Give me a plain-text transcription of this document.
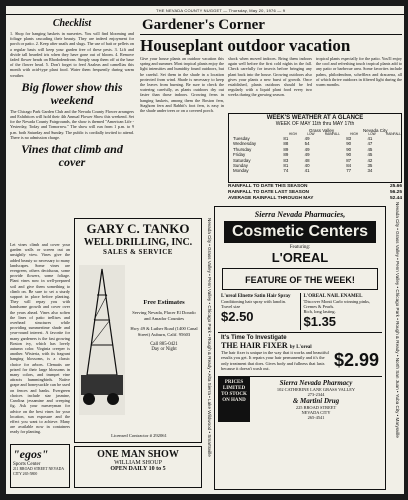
THE NEVADA COUNTY NUGGET — Thursday, May 20, 1976 — 9
Checklist
1. Shop for hanging baskets in nurseries. You will find blooming and foliage plants cascading their beauty. They are indeed enjoyment for porch or patio. 2. Keep after snails and slugs. The use of bait or pellets on a regular basis will keep your garden free of these pests. 3. Lift and divide tall bearded iris when they have gone out of bloom. 4. Remove faded flower heads on Rhododendrons. Simply snap them off at the base of the flower head. 5. Don't forget to feed Azaleas and camellias this month with acid-type plant food. Water them frequently during warm weather.
Big flower show this weekend
The Chicago Park Garden Club and the Nevada County Flower arrangers and Exhibitors will hold their 4th Annual Flower Show this weekend. Set for the Nevada County Fairgrounds, the show is themed "American Life - Yesterday, Today and Tomorrow." The show will run from 1 p.m. to 9 p.m. both Saturday and Sunday. The public is cordially invited to attend. There is no admission charge.
Vines that climb and cover
Let vines climb and cover your garden walls or screen out an unsightly view. Vines give the added beauty so necessary to many landscapes. Some vines are evergreen, others deciduous, some provide flowers, some foliage. Plant vines now in well-prepared soil and give them something to climb on. Be sure to set a sturdy support in place before planting. They will repay you with handsome growth and cover over the years ahead. Vines also soften the lines of patio trellises and overhead structures while providing summertime shade and year-round interest. A favorite for many gardeners is the fast growing Boston ivy, which has lovely autumn color. Virginia creeper is another. Wisteria, with its fragrant hanging blossoms, is a classic choice for arbors. Clematis are prized for their large blossoms in many colors, and trumpet vine attracts hummingbirds. Native grape and honeysuckle can be used on fences and banks. Evergreen choices include star jasmine, Carolina jessamine and creeping fig. Ask your nurseryman for advice on the best vines for your location, sun exposure and the effect you want to achieve. Many are available now in containers ready for planting.
Gardener's Corner
Houseplant outdoor vacation
Give your house plants an outdoor vacation this spring and summer. Most tropical plants enjoy the light intensities and humidity found outdoors, but be careful. Set them in the shade in a location protected from wind. Shade is necessary to keep the leaves from burning. Be sure to check the watering carefully, as plants outdoors dry out faster than those indoors. Growing ferns in hanging baskets, among them the Boston fern, Staghorn fern and Rabbit's foot fern, is easy in the shade under trees or on a covered porch.
shock when moved indoors. Bring them indoors again well before the first cold nights in the fall. Check carefully for insects before bringing any plant back into the house. Growing outdoors also gives your plants a new burst of growth. Once established, plants outdoors should be fed regularly with a liquid plant food every two weeks during the growing season.
tropical plants especially for the patio. You'll enjoy the cool and refreshing touch tropical plants add to any patio or barbecue area. Some favorites include palms, philodendron, schefflera and dracaena, all of which thrive outdoors in filtered light during the warm months.
WEEK'S WEATHER AT A GLANCE
WEEK OF MAY 11th thru MAY 17th
Grass Valley	Nevada City
HIGH	LOW	RAINFALL	HIGH	LOW	RAINFALL
Tuesday	81	49		83	41	
Wednesday	88	54		90	47	
Thursday	89	49		90	45	
Friday	89	49		90	45	
Saturday	83	48		87	42	
Sunday	81	40		84	35	
Monday	74	41		77	34	
RAINFALL TO DATE THIS SEASON	25.66
RAINFALL TO DATE LAST SEASON	56.25
AVERAGE RAINFALL THROUGH MAY	52.44
GARY C. TANKO
WELL DRILLING, INC.
SALES & SERVICE
Free Estimates
Serving Nevada, Placer El Dorado and Amador Counties
Hwy 49 & Luther Road (1400 Canal Street) Auburn, Calif. 95603
Call 885-0421
Day or Night
Licensed Contractor # 292061
"egos"
Sports Center
211 BROAD STREET NEVADA CITY 265-5800
ONE MAN SHOW
WILLIAM SHOUP
OPEN DAILY 10 to 5
Nevada City • Grass Valley • Penn Valley • Chicago Park • Rough & Ready • Alta Sierra • Lake Wildwood • Smartsville
Sierra Nevada Pharmacies,
Cosmetic Centers
Featuring:
L'OREAL
FEATURE OF THE WEEK!
L'oreal Elnette Satin Hair Spray
Conditioning hair spray with lanolin.
Travel size
$2.50
L'OREAL NAIL ENAMEL
'Discover Monti Carlo winning pinks, Cremes & Pearls.
Rich, long lasting.
$1.35
It's Time To Investigate
THE HAIR FIXER by L'oreal
The hair fixer is unique in the way that it works and beautiful results you get. It repairs your hair permanently and it's the only treatment that does. Gives body and fullness that lasts because it doesn't wash out.	$2.99
PRICES LIMITED TO STOCK ON HAND
Sierra Nevada Pharmacy
102 CATHERINE LANE GRASS VALLEY
273-2344
& Martini Drug
225 BROAD STREET
NEVADA CITY
265-4541	Nevada City • Grass Valley • Penn Valley • Chicago Park • Rough & Ready • North San Juan • Yuba City • Marysville
